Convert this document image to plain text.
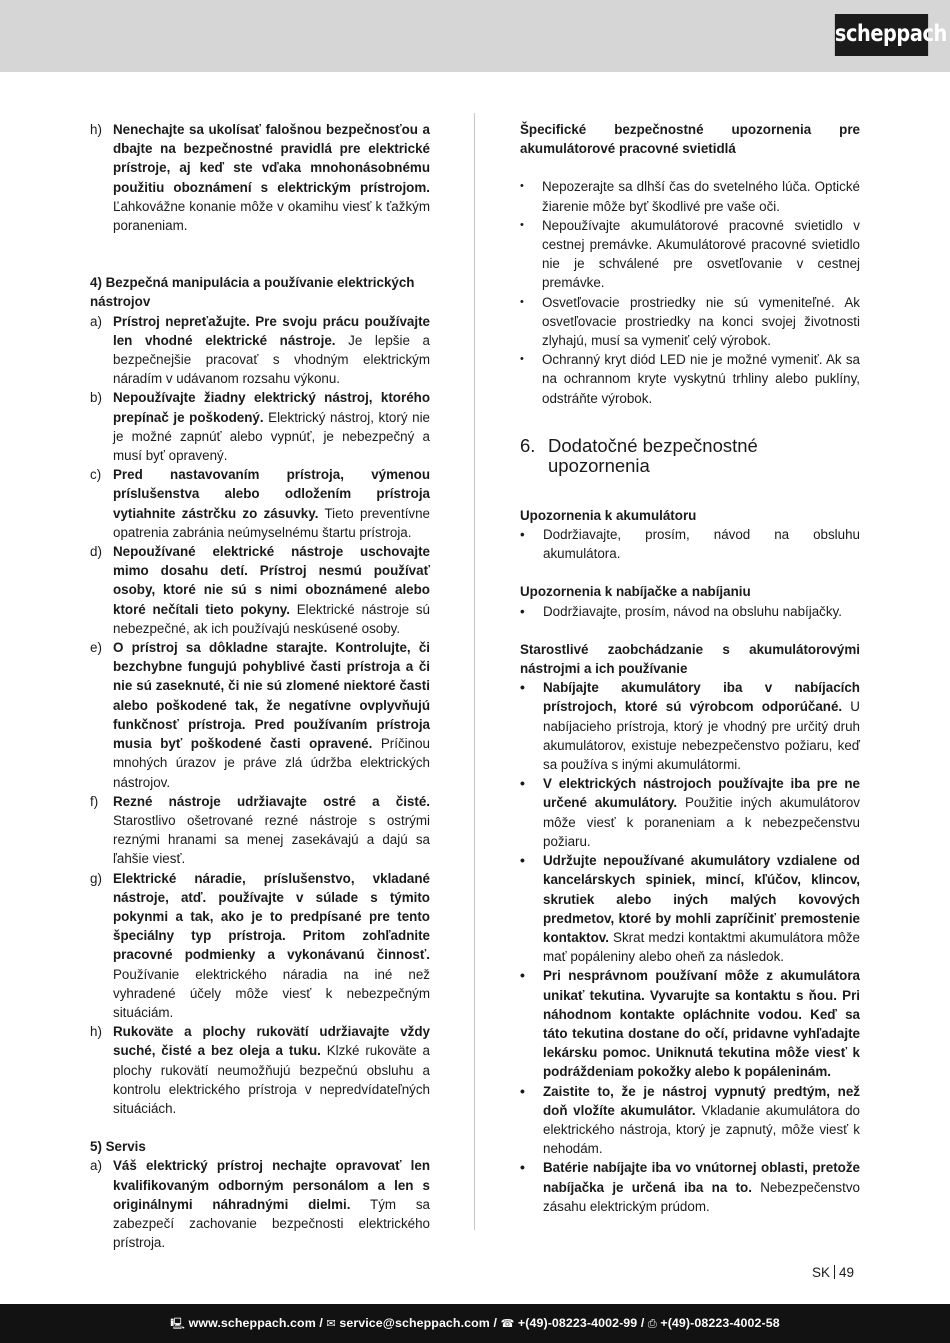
scheppach
h) Nenechajte sa ukolísať falošnou bezpečnosťou a dbajte na bezpečnostné pravidlá pre elektrické prístroje, aj keď ste vďaka mnohonásobnému použitiu oboznámení s elektrickým prístrojom. Ľahkovážne konanie môže v okamihu viesť k ťažkým poraneniam.
4) Bezpečná manipulácia a používanie elektrických nástrojov
a) Prístroj nepreťažujte. Pre svoju prácu používajte len vhodné elektrické nástroje. Je lepšie a bezpečnejšie pracovať s vhodným elektrickým náradím v udávanom rozsahu výkonu.
b) Nepoužívajte žiadny elektrický nástroj, ktorého prepínač je poškodený. Elektrický nástroj, ktorý nie je možné zapnúť alebo vypnúť, je nebezpečný a musí byť opravený.
c) Pred nastavovaním prístroja, výmenou príslušenstva alebo odložením prístroja vytiahnite zástrčku zo zásuvky. Tieto preventívne opatrenia zabránia neúmyselnému štartu prístroja.
d) Nepoužívané elektrické nástroje uschovajte mimo dosahu detí. Prístroj nesmú používať osoby, ktoré nie sú s nimi oboznámené alebo ktoré nečítali tieto pokyny. Elektrické nástroje sú nebezpečné, ak ich používajú neskúsené osoby.
e) O prístroj sa dôkladne starajte. Kontrolujte, či bezchybne fungujú pohyblivé časti prístroja a či nie sú zaseknuté, či nie sú zlomené niektoré časti alebo poškodené tak, že negatívne ovplyvňujú funkčnosť prístroja. Pred používaním prístroja musia byť poškodené časti opravené. Príčinou mnohých úrazov je práve zlá údržba elektrických nástrojov.
f)	Rezné nástroje udržiavajte ostré a čisté. Starostlivo ošetrované rezné nástroje s ostrými reznými hranami sa menej zasekávajú a dajú sa ľahšie viesť.
g) Elektrické náradie, príslušenstvo, vkladané nástroje, atď. používajte v súlade s týmito pokynmi a tak, ako je to predpísané pre tento špeciálny typ prístroja. Pritom zohľadnite pracovné podmienky a vykonávanú činnosť. Používanie elektrického náradia na iné než vyhradené účely môže viesť k nebezpečným situáciám.
h) Rukoväte a plochy rukovätí udržiavajte vždy suché, čisté a bez oleja a tuku. Klzké rukoväte a plochy rukovätí neumožňujú bezpečnú obsluhu a kontrolu elektrického prístroja v nepredvídateľných situáciách.
5) Servis
a) Váš elektrický prístroj nechajte opravovať len kvalifikovaným odborným personálom a len s originálnymi náhradnými dielmi. Tým sa zabezpečí zachovanie bezpečnosti elektrického prístroja.
Špecifické bezpečnostné upozornenia pre akumulátorové pracovné svietidlá
•	Nepozerajte sa dlhší čas do svetelného lúča. Optické žiarenie môže byť škodlivé pre vaše oči.
•	Nepoužívajte akumulátorové pracovné svietidlo v cestnej premávke. Akumulátorové pracovné svietidlo nie je schválené pre osvetľovanie v cestnej premávke.
•	Osvetľovacie prostriedky nie sú vymeniteľné. Ak osvetľovacie prostriedky na konci svojej životnosti zlyhajú, musí sa vymeniť celý výrobok.
•	Ochranný kryt diód LED nie je možné vymeniť. Ak sa na ochrannom kryte vyskytnú trhliny alebo puklíny, odstráňte výrobok.
6. Dodatočné bezpečnostné upozornenia
Upozornenia k akumulátoru
•	Dodržiavajte, prosím, návod na obsluhu akumulátora.
Upozornenia k nabíjačke a nabíjaniu
•	Dodržiavajte, prosím, návod na obsluhu nabíjačky.
Starostlivé zaobchádzanie s akumulátorovými nástrojmi a ich používanie
•	Nabíjajte akumulátory iba v nabíjacích prístrojoch, ktoré sú výrobcom odporúčané. U nabíjacieho prístroja, ktorý je vhodný pre určitý druh akumulátorov, existuje nebezpečenstvo požiaru, keď sa používa s inými akumulátormi.
•	V elektrických nástrojoch používajte iba pre ne určené akumulátory. Použitie iných akumulátorov môže viesť k poraneniam a k nebezpečenstvu požiaru.
•	Udržujte nepoužívané akumulátory vzdialene od kancelárskych spiniek, mincí, kľúčov, klincov, skrutiek alebo iných malých kovových predmetov, ktoré by mohli zapríčiniť premostenie kontaktov. Skrat medzi kontaktmi akumulátora môže mať popáleniny alebo oheň za následok.
•	Pri nesprávnom používaní môže z akumulátora unikať tekutina. Vyvarujte sa kontaktu s ňou. Pri náhodnom kontakte opláchnite vodou. Keď sa táto tekutina dostane do očí, pridavne vyhľadajte lekársku pomoc. Uniknutá tekutina môže viesť k podráždeniam pokožky alebo k popáleninám.
•	Zaistite to, že je nástroj vypnutý predtým, než doň vložíte akumulátor. Vkladanie akumulátora do elektrického nástroja, ktorý je zapnutý, môže viesť k nehodám.
•	Batérie nabíjajte iba vo vnútornej oblasti, pretože nabíjačka je určená iba na to. Nebezpečenstvo zásahu elektrickým prúdom.
SK 49
🖳 www.scheppach.com / ✉ service@scheppach.com / ☎ +(49)-08223-4002-99 / ⎙ +(49)-08223-4002-58
